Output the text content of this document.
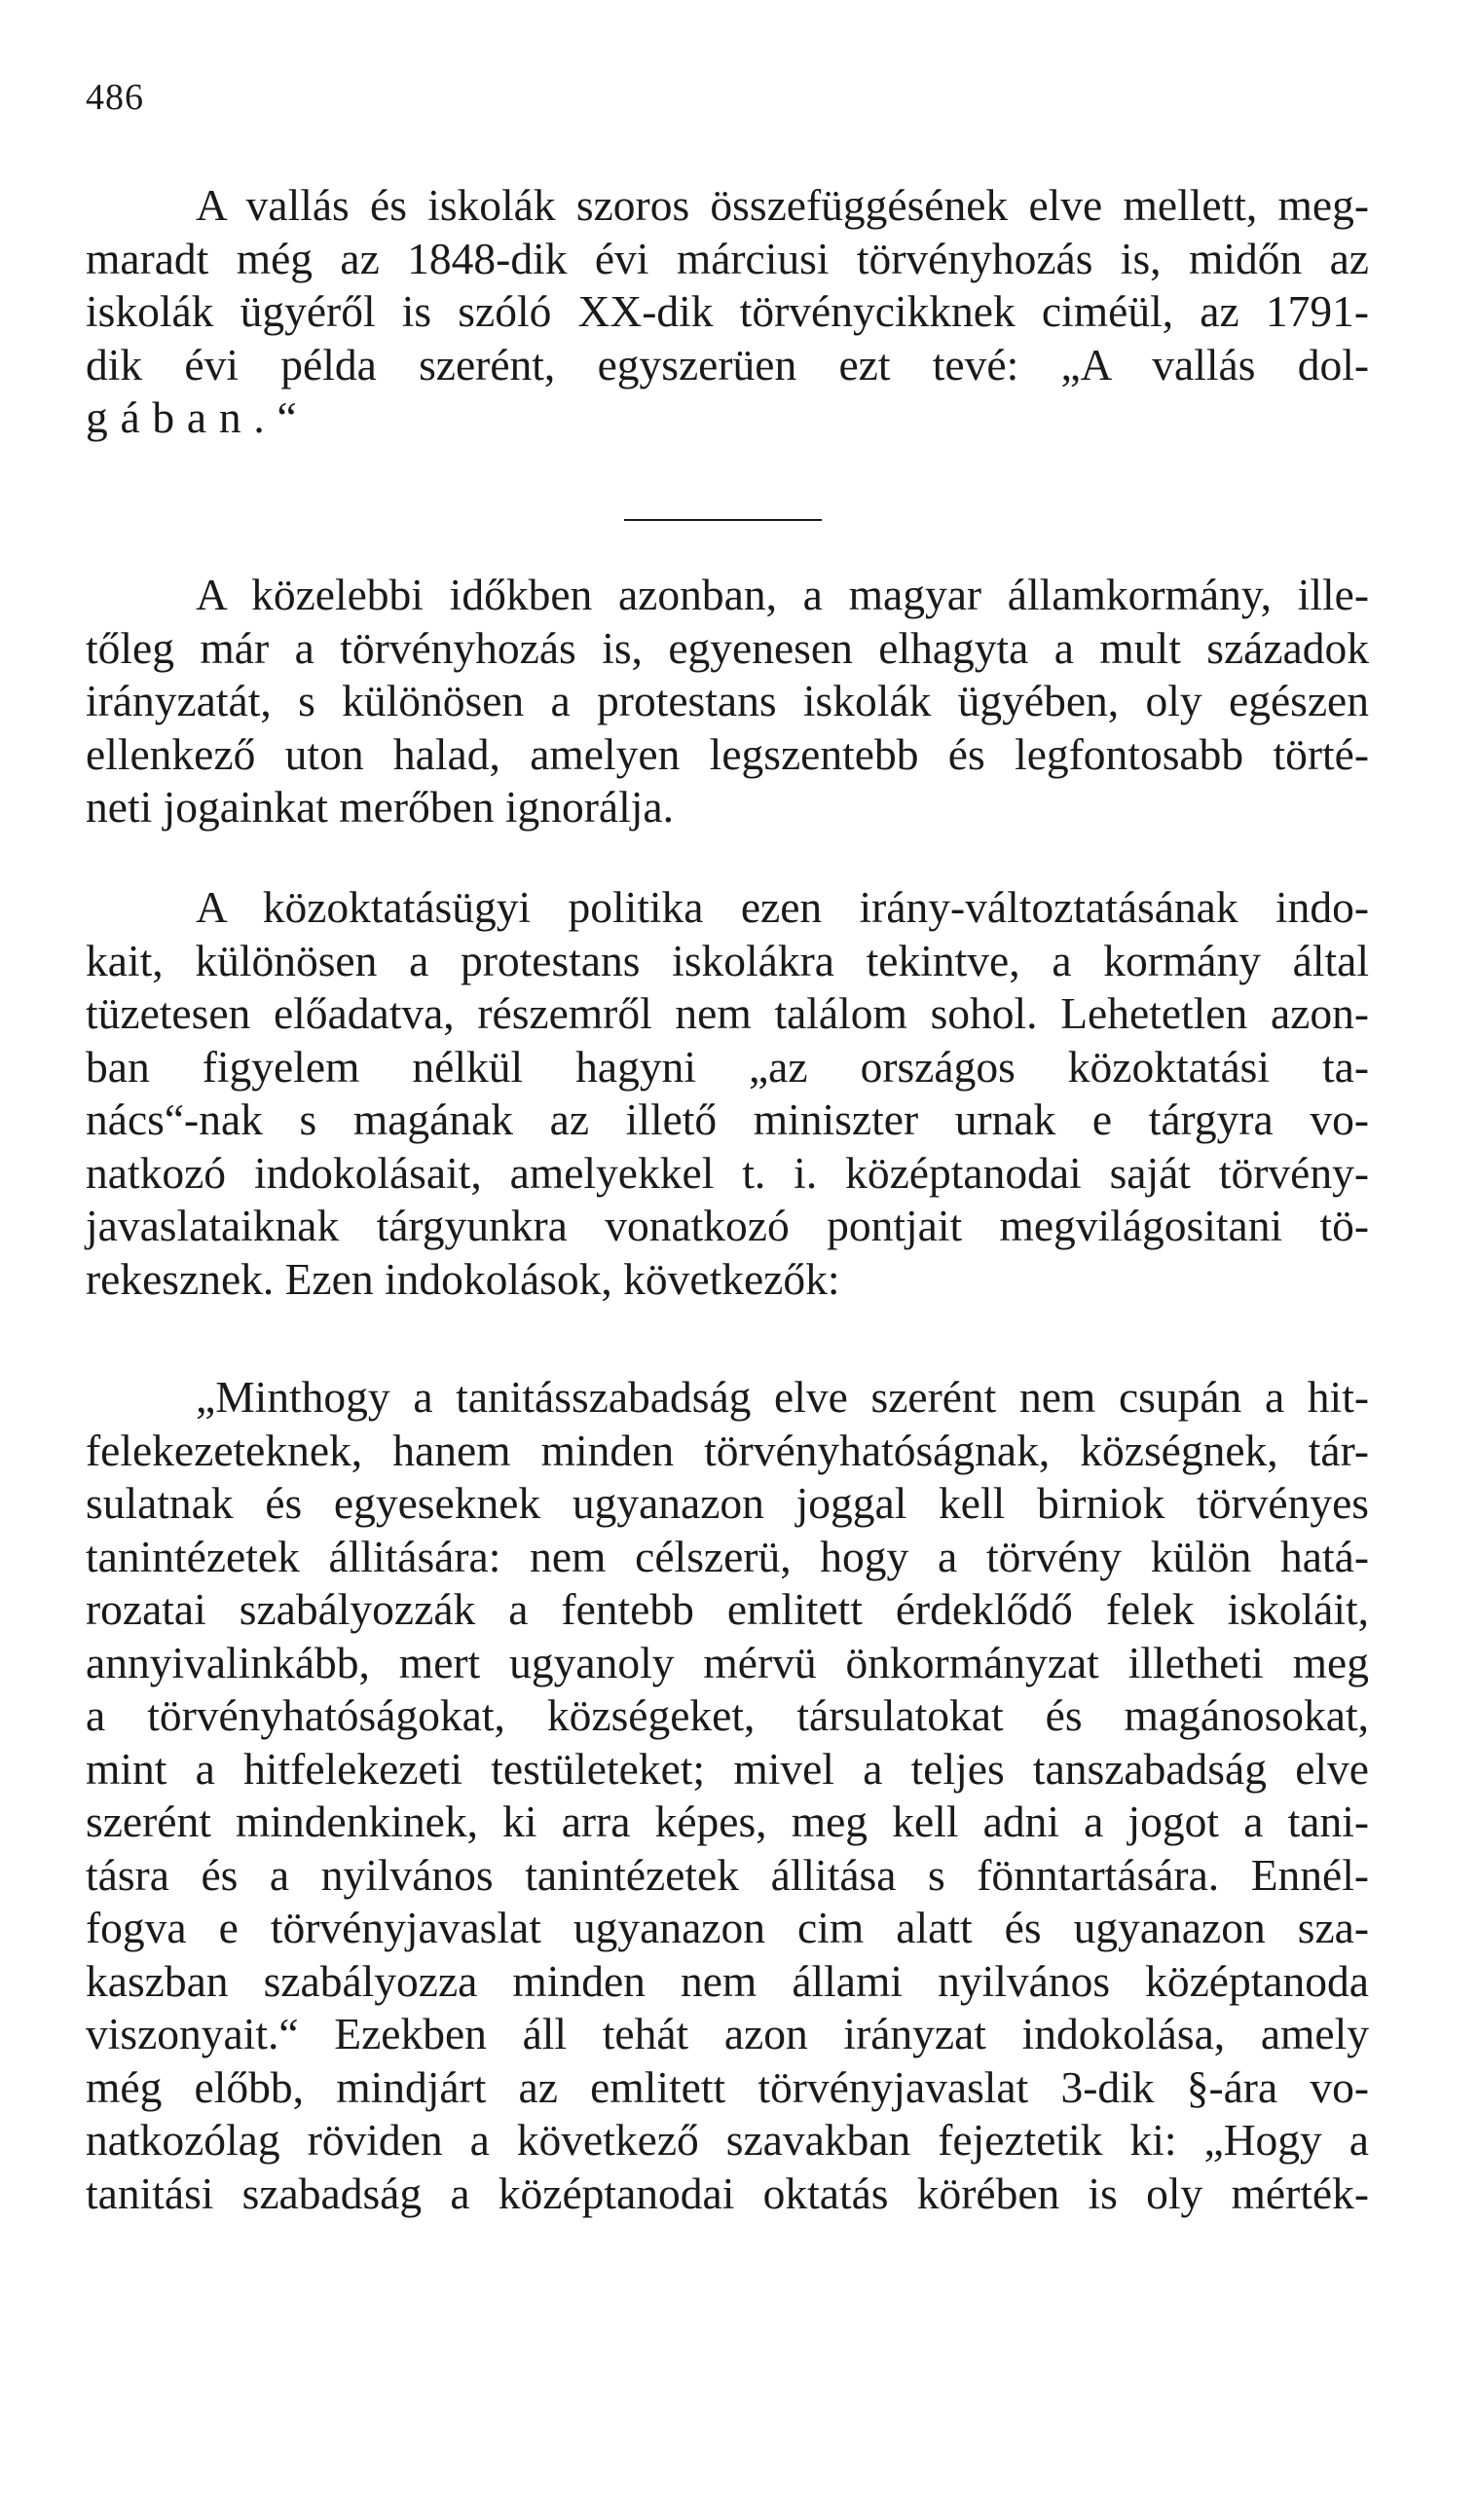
486
A vallás és iskolák szoros összefüggésének elve mellett, meg-
maradt még az 1848-dik évi márciusi törvényhozás is, midőn az
iskolák ügyéről is szóló XX-dik törvénycikknek ciméül, az 1791-
dik évi példa szerént, egyszerüen ezt tevé: „A vallás dol-
gában.“
A közelebbi időkben azonban, a magyar államkormány, ille-
tőleg már a törvényhozás is, egyenesen elhagyta a mult századok
irányzatát, s különösen a protestans iskolák ügyében, oly egészen
ellenkező uton halad, amelyen legszentebb és legfontosabb törté-
neti jogainkat merőben ignorálja.
A közoktatásügyi politika ezen irány-változtatásának indo-
kait, különösen a protestans iskolákra tekintve, a kormány által
tüzetesen előadatva, részemről nem találom sohol. Lehetetlen azon-
ban figyelem nélkül hagyni „az országos közoktatási ta-
nács“-nak s magának az illető miniszter urnak e tárgyra vo-
natkozó indokolásait, amelyekkel t. i. középtanodai saját törvény-
javaslataiknak tárgyunkra vonatkozó pontjait megvilágositani tö-
rekesznek. Ezen indokolások, következők:
„Minthogy a tanitásszabadság elve szerént nem csupán a hit-
felekezeteknek, hanem minden törvényhatóságnak, községnek, tár-
sulatnak és egyeseknek ugyanazon joggal kell birniok törvényes
tanintézetek állitására: nem célszerü, hogy a törvény külön hatá-
rozatai szabályozzák a fentebb emlitett érdeklődő felek iskoláit,
annyivalinkább, mert ugyanoly mérvü önkormányzat illetheti meg
a törvényhatóságokat, községeket, társulatokat és magánosokat,
mint a hitfelekezeti testületeket; mivel a teljes tanszabadság elve
szerént mindenkinek, ki arra képes, meg kell adni a jogot a tani-
tásra és a nyilvános tanintézetek állitása s fönntartására. Ennél-
fogva e törvényjavaslat ugyanazon cim alatt és ugyanazon sza-
kaszban szabályozza minden nem állami nyilvános középtanoda
viszonyait.“ Ezekben áll tehát azon irányzat indokolása, amely
még előbb, mindjárt az emlitett törvényjavaslat 3-dik §-ára vo-
natkozólag röviden a következő szavakban fejeztetik ki: „Hogy a
tanitási szabadság a középtanodai oktatás körében is oly mérték-
